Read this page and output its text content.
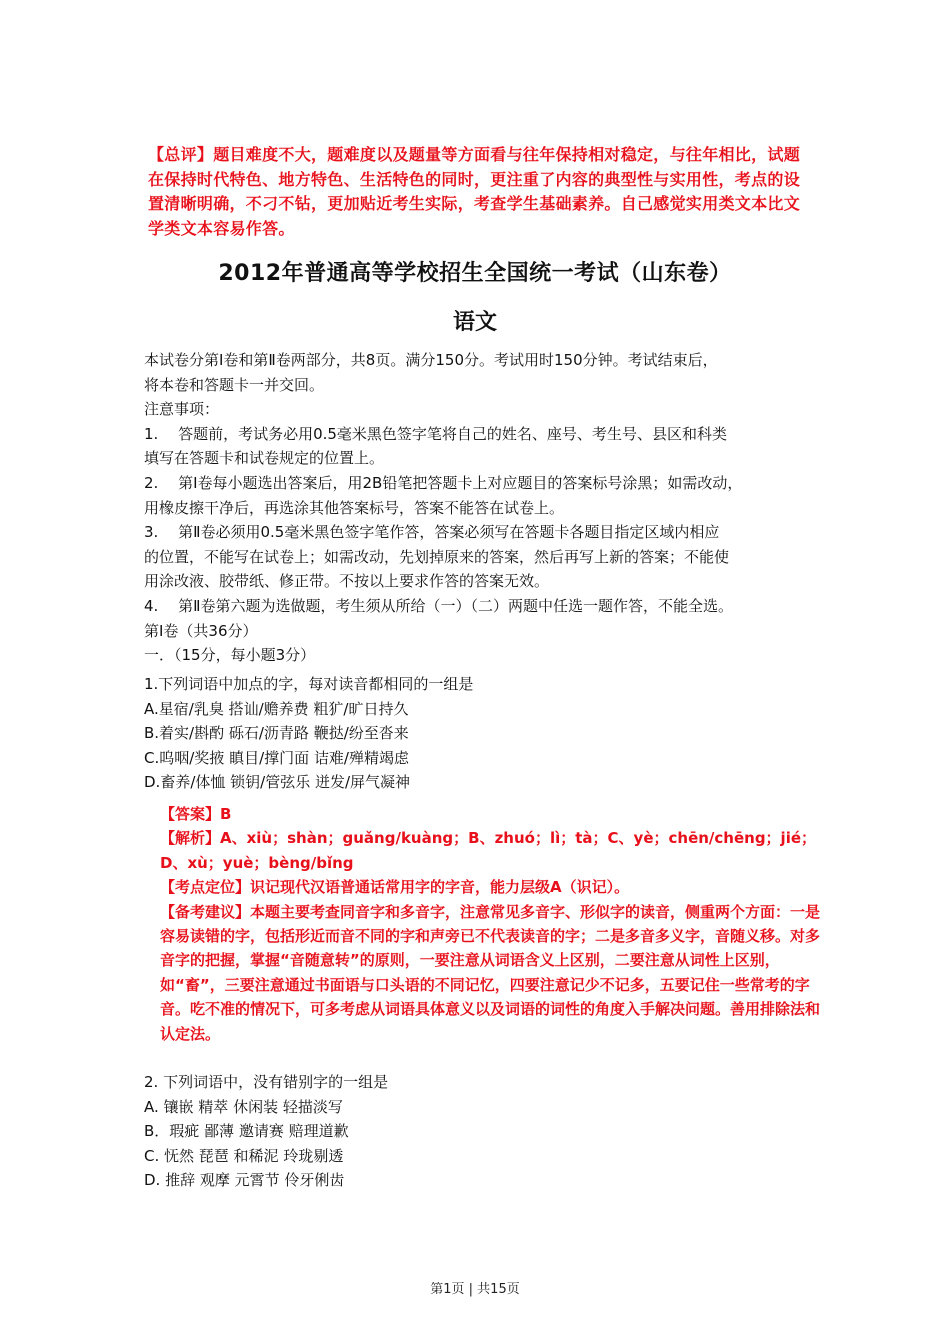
【总评】题目难度不大，题难度以及题量等方面看与往年保持相对稳定，与往年相比，试题在保持时代特色、地方特色、生活特色的同时，更注重了内容的典型性与实用性，考点的设置清晰明确，不刁不钻，更加贴近考生实际，考查学生基础素养。自己感觉实用类文本比文学类文本容易作答。
2012年普通高等学校招生全国统一考试（山东卷）
语文
本试卷分第Ⅰ卷和第Ⅱ卷两部分，共8页。满分150分。考试用时150分钟。考试结束后，
将本卷和答题卡一并交回。
注意事项：
1.　 答题前，考试务必用0.5毫米黑色签字笔将自己的姓名、座号、考生号、县区和科类
填写在答题卡和试卷规定的位置上。
2.　 第Ⅰ卷每小题选出答案后，用2B铅笔把答题卡上对应题目的答案标号涂黑；如需改动，
用橡皮擦干净后，再选涂其他答案标号，答案不能答在试卷上。
3.　 第Ⅱ卷必须用0.5毫米黑色签字笔作答，答案必须写在答题卡各题目指定区域内相应
的位置，不能写在试卷上；如需改动，先划掉原来的答案，然后再写上新的答案；不能使
用涂改液、胶带纸、修正带。不按以上要求作答的答案无效。
4.　 第Ⅱ卷第六题为选做题，考生须从所给（一）（二）两题中任选一题作答，不能全选。
第Ⅰ卷（共36分）
一．（15分，每小题3分）
1.下列词语中加点的字，每对读音都相同的一组是
A.星宿/乳臭 搭讪/赡养费 粗犷/旷日持久
B.着实/斟酌 砾石/沥青路 鞭挞/纷至沓来
C.呜咽/奖掖 瞋目/撑门面 诘难/殚精竭虑
D.畜养/体恤 锁钥/管弦乐 迸发/屏气凝神
【答案】B
【解析】A、xiù；shàn；guǎng/kuàng；B、zhuó；lì；tà；C、yè；chēn/chēng；jié；D、xù；yuè；bèng/bǐng
【考点定位】识记现代汉语普通话常用字的字音，能力层级A（识记）。
【备考建议】本题主要考查同音字和多音字，注意常见多音字、形似字的读音，侧重两个方面：一是容易读错的字，包括形近而音不同的字和声旁已不代表读音的字；二是多音多义字，音随义移。对多音字的把握，掌握“音随意转”的原则，一要注意从词语含义上区别，二要注意从词性上区别，如“畜”，三要注意通过书面语与口头语的不同记忆，四要注意记少不记多，五要记住一些常考的字音。吃不准的情况下，可多考虑从词语具体意义以及词语的词性的角度入手解决问题。善用排除法和认定法。
2. 下列词语中，没有错别字的一组是
A. 镶嵌 精萃 休闲装 轻描淡写
B．瑕疵 鄙薄 邀请赛 赔理道歉
C. 怃然 琵琶 和稀泥 玲珑剔透
D. 推辞 观摩 元霄节 伶牙俐齿
第1页 | 共15页
